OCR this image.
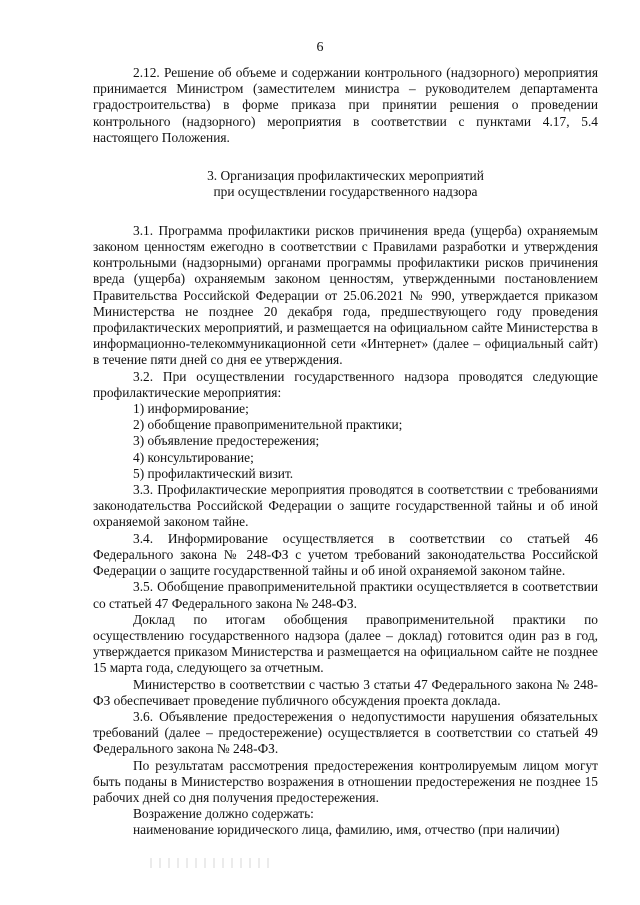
6

2.12. Решение об объеме и содержании контрольного (надзорного) мероприятия принимается Министром (заместителем министра – руководителем департамента градостроительства) в форме приказа при принятии решения о проведении контрольного (надзорного) мероприятия в соответствии с пунктами 4.17, 5.4 настоящего Положения.

3. Организация профилактических мероприятий
при осуществлении государственного надзора

3.1. Программа профилактики рисков причинения вреда (ущерба) охраняемым законом ценностям ежегодно в соответствии с Правилами разработки и утверждения контрольными (надзорными) органами программы профилактики рисков причинения вреда (ущерба) охраняемым законом ценностям, утвержденными постановлением Правительства Российской Федерации от 25.06.2021 № 990, утверждается приказом Министерства не позднее 20 декабря года, предшествующего году проведения профилактических мероприятий, и размещается на официальном сайте Министерства в информационно-телекоммуникационной сети «Интернет» (далее – официальный сайт) в течение пяти дней со дня ее утверждения.

3.2. При осуществлении государственного надзора проводятся следующие профилактические мероприятия:

1) информирование;

2) обобщение правоприменительной практики;

3) объявление предостережения;

4) консультирование;

5) профилактический визит.

3.3. Профилактические мероприятия проводятся в соответствии с требованиями законодательства Российской Федерации о защите государственной тайны и об иной охраняемой законом тайне.

3.4. Информирование осуществляется в соответствии со статьей 46 Федерального закона № 248-ФЗ с учетом требований законодательства Российской Федерации о защите государственной тайны и об иной охраняемой законом тайне.

3.5. Обобщение правоприменительной практики осуществляется в соответствии со статьей 47 Федерального закона № 248-ФЗ.

Доклад по итогам обобщения правоприменительной практики по осуществлению государственного надзора (далее – доклад) готовится один раз в год, утверждается приказом Министерства и размещается на официальном сайте не позднее 15 марта года, следующего за отчетным.

Министерство в соответствии с частью 3 статьи 47 Федерального закона № 248-ФЗ обеспечивает проведение публичного обсуждения проекта доклада.

3.6. Объявление предостережения о недопустимости нарушения обязательных требований (далее – предостережение) осуществляется в соответствии со статьей 49 Федерального закона № 248-ФЗ.

По результатам рассмотрения предостережения контролируемым лицом могут быть поданы в Министерство возражения в отношении предостережения не позднее 15 рабочих дней со дня получения предостережения.

Возражение должно содержать:

наименование юридического лица, фамилию, имя, отчество (при наличии)
